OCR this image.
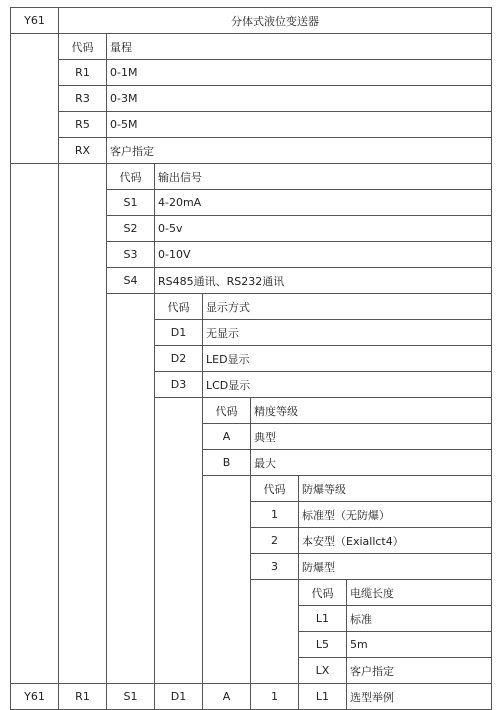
Y61	分体式液位变送器						
	代码	量程					
	R1	0-1M					
	R3	0-3M					
	R5	0-5M					
	RX	客户指定					
		代码	输出信号				
		S1	4-20mA				
		S2	0-5v				
		S3	0-10V				
		S4	RS485通讯、RS232通讯				
			代码	显示方式			
			D1	无显示			
			D2	LED显示			
			D3	LCD显示			
				代码	精度等级		
				A	典型		
				B	最大		
					代码	防爆等级	
					1	标准型（无防爆）	
					2	本安型（Exiallct4）	
					3	防爆型	
						代码	电缆长度
						L1	标准
						L5	5m
						LX	客户指定
Y61	R1	S1	D1	A	1	L1	选型举例
